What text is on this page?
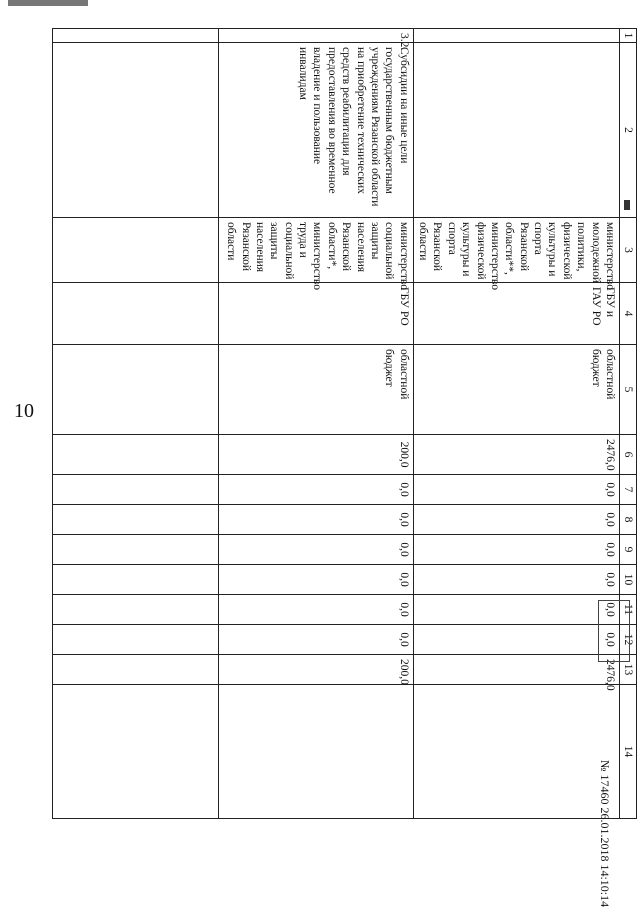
10
1	2	3	4	5	6	7	8	9	10	11	12	13	14
		министерство молодежной политики, физической культуры и спорта Рязанской области**, министерство физической культуры и спорта Рязанской области	ГБУ и ГАУ РО	областной бюджет	2476,0	0,0	0,0	0,0	0,0	0,0	0,0	2476,0	
3.2.	Субсидии на иные цели государственным бюджетным учреждениям Рязанской области на приобретение технических средств реабилитации для предоставления во временное владение и пользование инвалидам	министерство социальной защиты населения Рязанской области*, министерство труда и социальной защиты населения Рязанской области	ГБУ РО	областной бюджет	200,0	0,0	0,0	0,0	0,0	0,0	0,0	200,0	

№ 17460 26.01.2018 14:10:14
